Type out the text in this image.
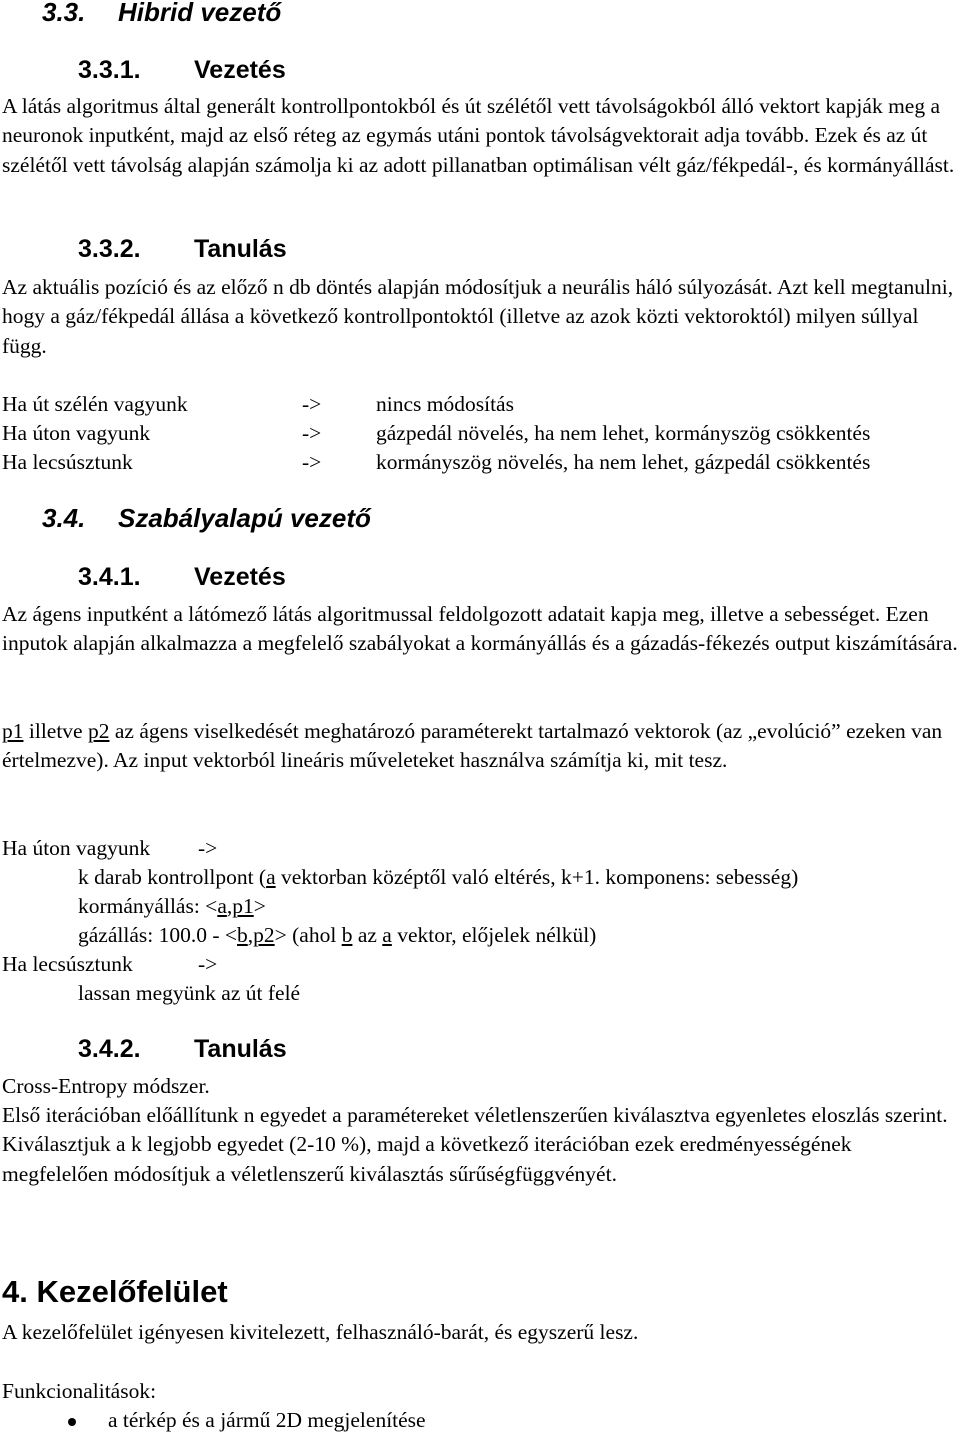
3.3. Hibrid vezető
3.3.1. Vezetés
A látás algoritmus által generált kontrollpontokból és út szélétől vett távolságokból álló vektort kapják meg a neuronok inputként, majd az első réteg az egymás utáni pontok távolságvektorait adja tovább. Ezek és az út szélétől vett távolság alapján számolja ki az adott pillanatban optimálisan vélt gáz/fékpedál-, és kormányállást.
3.3.2. Tanulás
Az aktuális pozíció és az előző n db döntés alapján módosítjuk a neurális háló súlyozását. Azt kell megtanulni, hogy a gáz/fékpedál állása a következő kontrollpontoktól (illetve az azok közti vektoroktól) milyen súllyal függ.
Ha út szélén vagyunk	->	nincs módosítás
Ha úton vagyunk	->	gázpedál növelés, ha nem lehet, kormányszög csökkentés
Ha lecsúsztunk	->	kormányszög növelés, ha nem lehet, gázpedál csökkentés
3.4. Szabályalapú vezető
3.4.1. Vezetés
Az ágens inputként a látómező látás algoritmussal feldolgozott adatait kapja meg, illetve a sebességet. Ezen inputok alapján alkalmazza a megfelelő szabályokat a kormányállás és a gázadás-fékezés output kiszámítására.
p1 illetve p2 az ágens viselkedését meghatározó paraméterekt tartalmazó vektorok (az „evolúció” ezeken van értelmezve). Az input vektorból lineáris műveleteket használva számítja ki, mit tesz.
Ha úton vagyunk ->
k darab kontrollpont (a vektorban középtől való eltérés, k+1. komponens: sebesség)
kormányállás: <a,p1>
gázállás: 100.0 - <b,p2> (ahol b az a vektor, előjelek nélkül)
Ha lecsúsztunk	->
lassan megyünk az út felé
3.4.2. Tanulás
Cross-Entropy módszer.
Első iterációban előállítunk n egyedet a paramétereket véletlenszerűen kiválasztva egyenletes eloszlás szerint. Kiválasztjuk a k legjobb egyedet (2-10 %), majd a következő iterációban ezek eredményességének megfelelően módosítjuk a véletlenszerű kiválasztás sűrűségfüggvényét.
4. Kezelőfelület
A kezelőfelület igényesen kivitelezett, felhasználó-barát, és egyszerű lesz.
Funkcionalitások:
a térkép és a jármű 2D megjelenítése
